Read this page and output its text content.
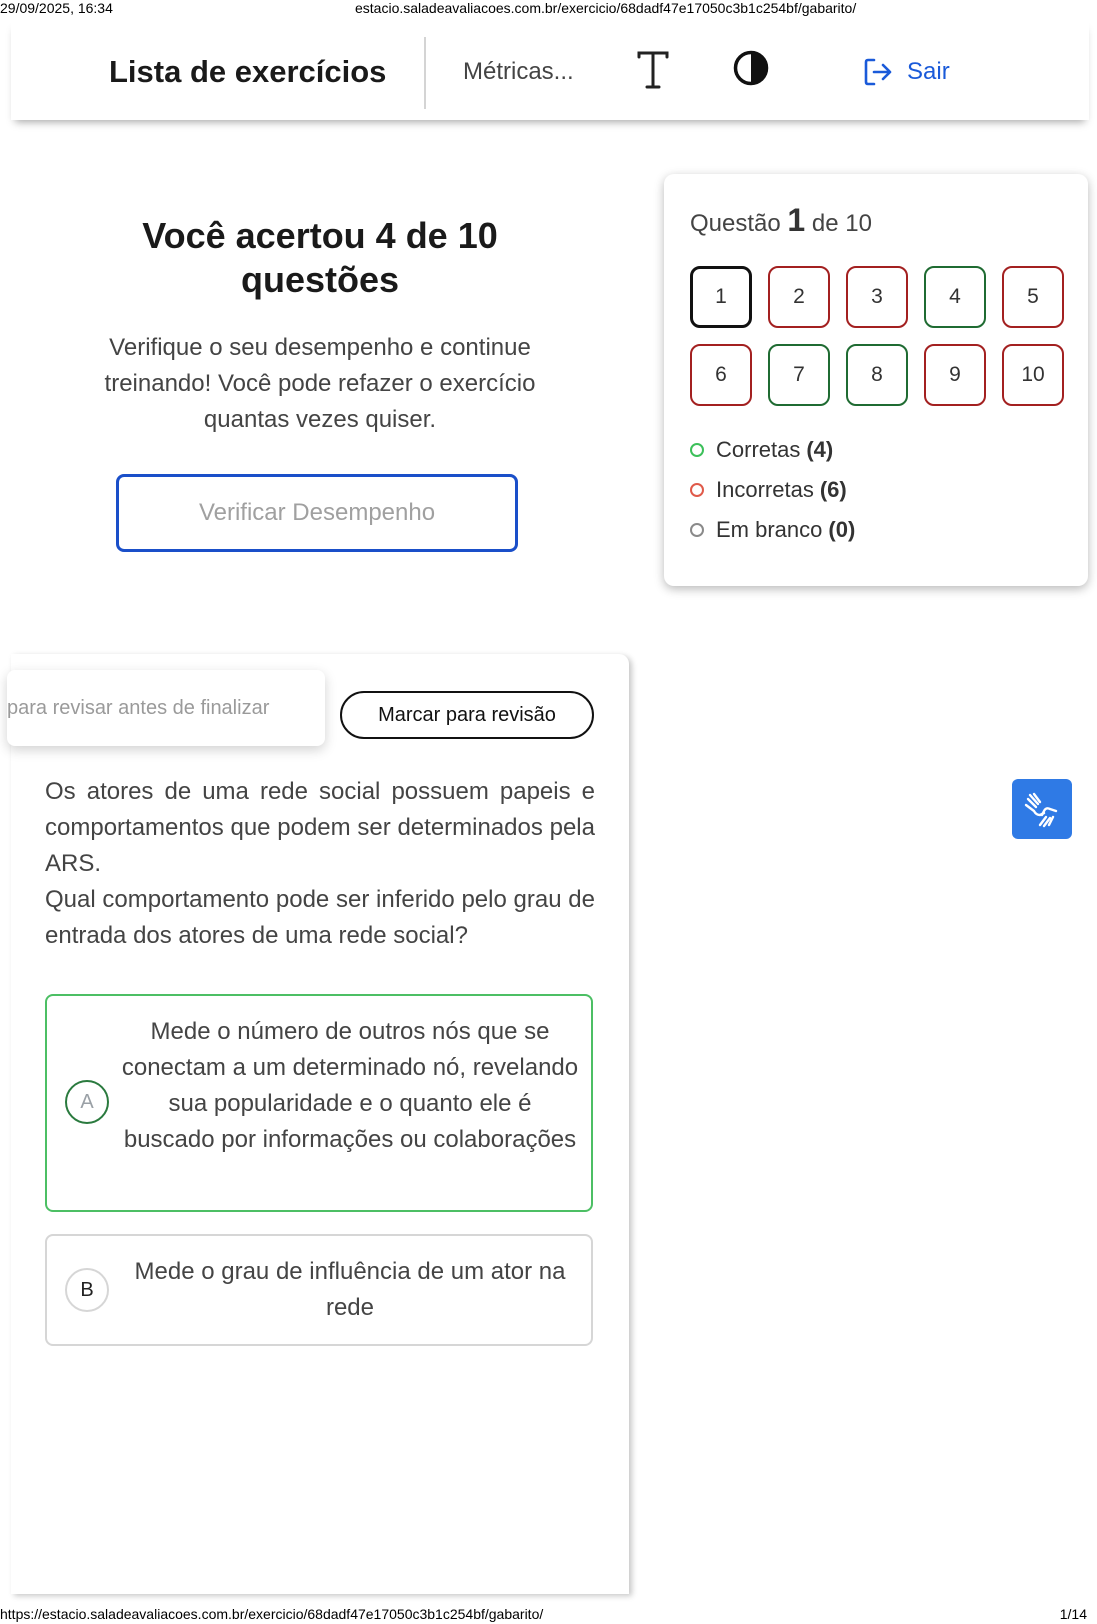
29/09/2025, 16:34	estacio.saladeavaliacoes.com.br/exercicio/68dadf47e17050c3b1c254bf/gabarito/
Lista de exercícios	Métricas...	Sair
Você acertou 4 de 10 questões
Verifique o seu desempenho e continue treinando! Você pode refazer o exercício quantas vezes quiser.
Verificar Desempenho
Questão 1 de 10
1	2	3	4	5
6	7	8	9	10
Corretas (4)
Incorretas (6)
Em branco (0)
para revisar antes de finalizar	Marcar para revisão

Os atores de uma rede social possuem papeis e comportamentos que podem ser determinados pela ARS.

Qual comportamento pode ser inferido pelo grau de entrada dos atores de uma rede social?

A
Mede o número de outros nós que se conectam a um determinado nó, revelando sua popularidade e o quanto ele é buscado por informações ou colaborações
B
Mede o grau de influência de um ator na rede
https://estacio.saladeavaliacoes.com.br/exercicio/68dadf47e17050c3b1c254bf/gabarito/	1/14
